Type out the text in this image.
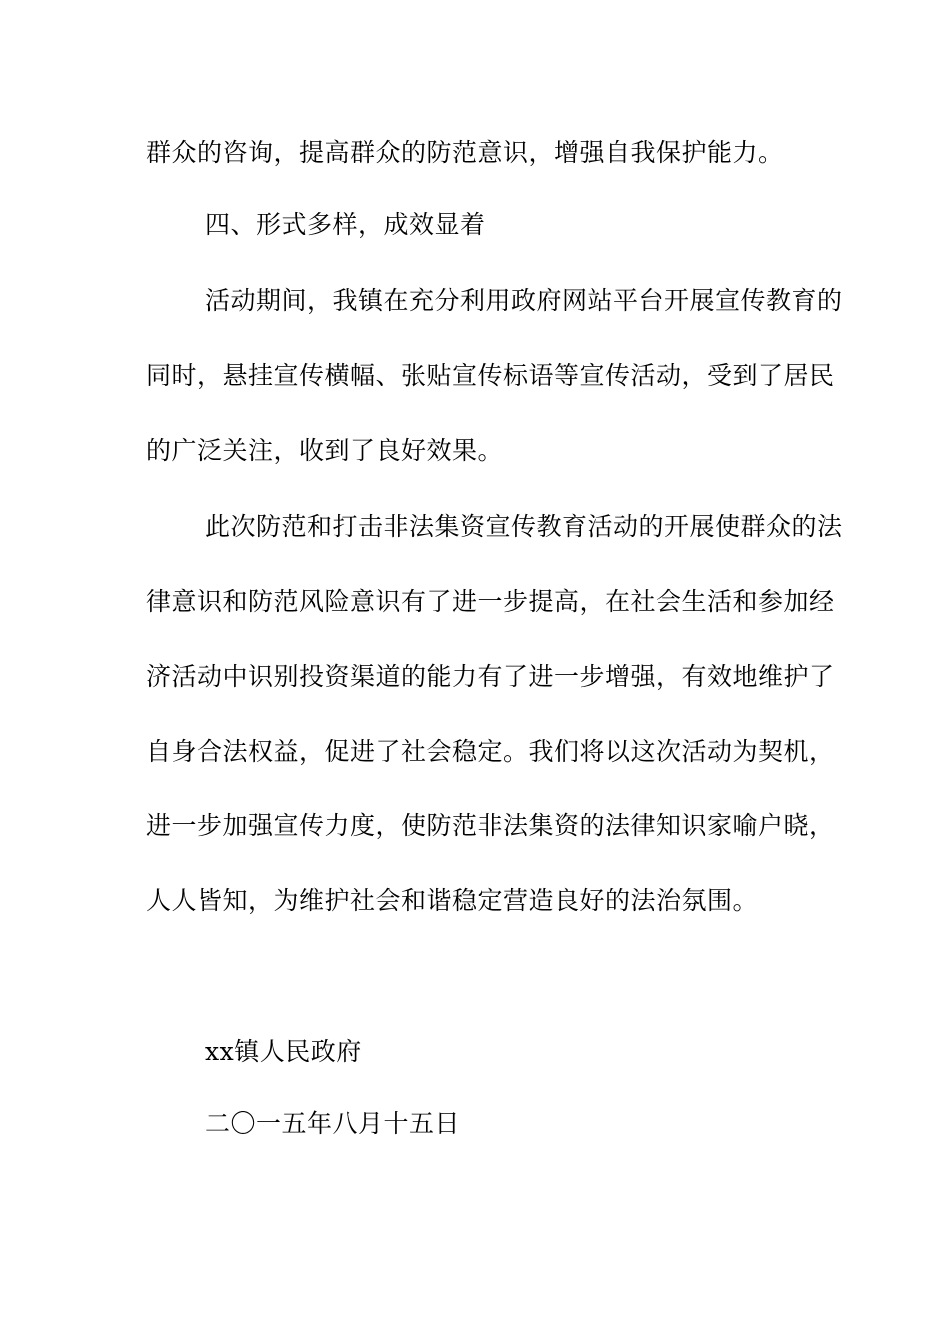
群众的咨询，提高群众的防范意识，增强自我保护能力。
四、形式多样，成效显着
活动期间，我镇在充分利用政府网站平台开展宣传教育的
同时，悬挂宣传横幅、张贴宣传标语等宣传活动，受到了居民
的广泛关注，收到了良好效果。
此次防范和打击非法集资宣传教育活动的开展使群众的法
律意识和防范风险意识有了进一步提高，在社会生活和参加经
济活动中识别投资渠道的能力有了进一步增强，有效地维护了
自身合法权益，促进了社会稳定。我们将以这次活动为契机，
进一步加强宣传力度，使防范非法集资的法律知识家喻户晓，
人人皆知，为维护社会和谐稳定营造良好的法治氛围。
xx镇人民政府
二〇一五年八月十五日
